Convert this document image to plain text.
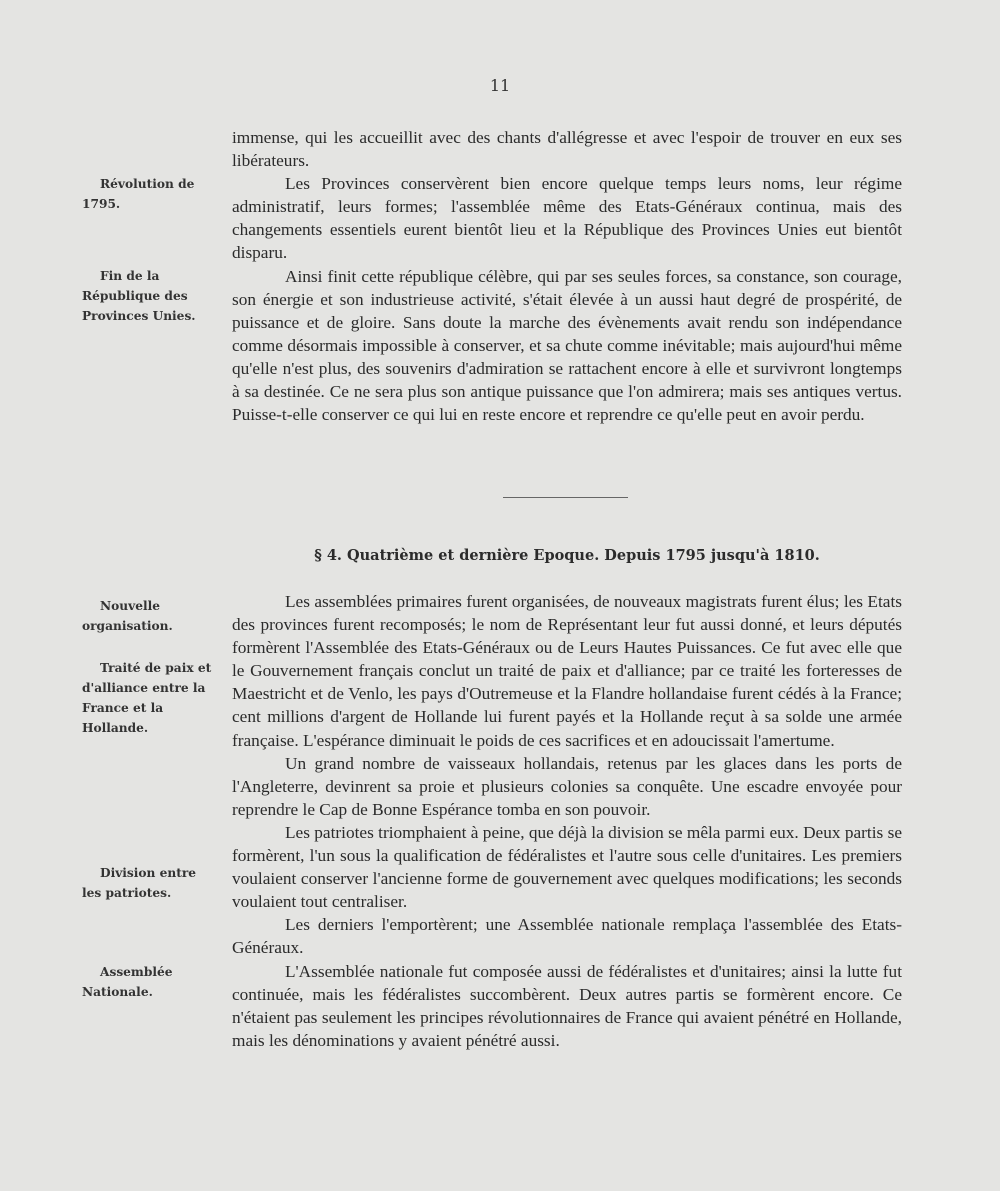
11
Révolution de 1795.
Fin de la République des Provinces Unies.
Nouvelle organisation.
Traité de paix et d'alliance entre la France et la Hollande.
Division entre les patriotes.
Assemblée Nationale.

immense, qui les accueillit avec des chants d'allégresse et avec l'espoir de trouver en eux ses libérateurs.

Les Provinces conservèrent bien encore quelque temps leurs noms, leur régime administratif, leurs formes; l'assemblée même des Etats-Généraux continua, mais des changements essentiels eurent bientôt lieu et la République des Provinces Unies eut bientôt disparu.

Ainsi finit cette république célèbre, qui par ses seules forces, sa constance, son courage, son énergie et son industrieuse activité, s'était élevée à un aussi haut degré de prospérité, de puissance et de gloire. Sans doute la marche des évènements avait rendu son indépendance comme désormais impossible à conserver, et sa chute comme inévitable; mais aujourd'hui même qu'elle n'est plus, des souvenirs d'admiration se rattachent encore à elle et survivront longtemps à sa destinée. Ce ne sera plus son antique puissance que l'on admirera; mais ses antiques vertus. Puisse-t-elle conserver ce qui lui en reste encore et reprendre ce qu'elle peut en avoir perdu.

§ 4. Quatrième et dernière Epoque. Depuis 1795 jusqu'à 1810.

Les assemblées primaires furent organisées, de nouveaux magistrats furent élus; les Etats des provinces furent recomposés; le nom de Représentant leur fut aussi donné, et leurs députés formèrent l'Assemblée des Etats-Généraux ou de Leurs Hautes Puissances. Ce fut avec elle que le Gouvernement français conclut un traité de paix et d'alliance; par ce traité les forteresses de Maestricht et de Venlo, les pays d'Outremeuse et la Flandre hollandaise furent cédés à la France; cent millions d'argent de Hollande lui furent payés et la Hollande reçut à sa solde une armée française. L'espérance diminuait le poids de ces sacrifices et en adoucissait l'amertume.

Un grand nombre de vaisseaux hollandais, retenus par les glaces dans les ports de l'Angleterre, devinrent sa proie et plusieurs colonies sa conquête. Une escadre envoyée pour reprendre le Cap de Bonne Espérance tomba en son pouvoir.

Les patriotes triomphaient à peine, que déjà la division se mêla parmi eux. Deux partis se formèrent, l'un sous la qualification de fédéralistes et l'autre sous celle d'unitaires. Les premiers voulaient conserver l'ancienne forme de gouvernement avec quelques modifications; les seconds voulaient tout centraliser.

Les derniers l'emportèrent; une Assemblée nationale remplaça l'assemblée des Etats-Généraux.

L'Assemblée nationale fut composée aussi de fédéralistes et d'unitaires; ainsi la lutte fut continuée, mais les fédéralistes succombèrent. Deux autres partis se formèrent encore. Ce n'étaient pas seulement les principes révolutionnaires de France qui avaient pénétré en Hollande, mais les dénominations y avaient pénétré aussi.
